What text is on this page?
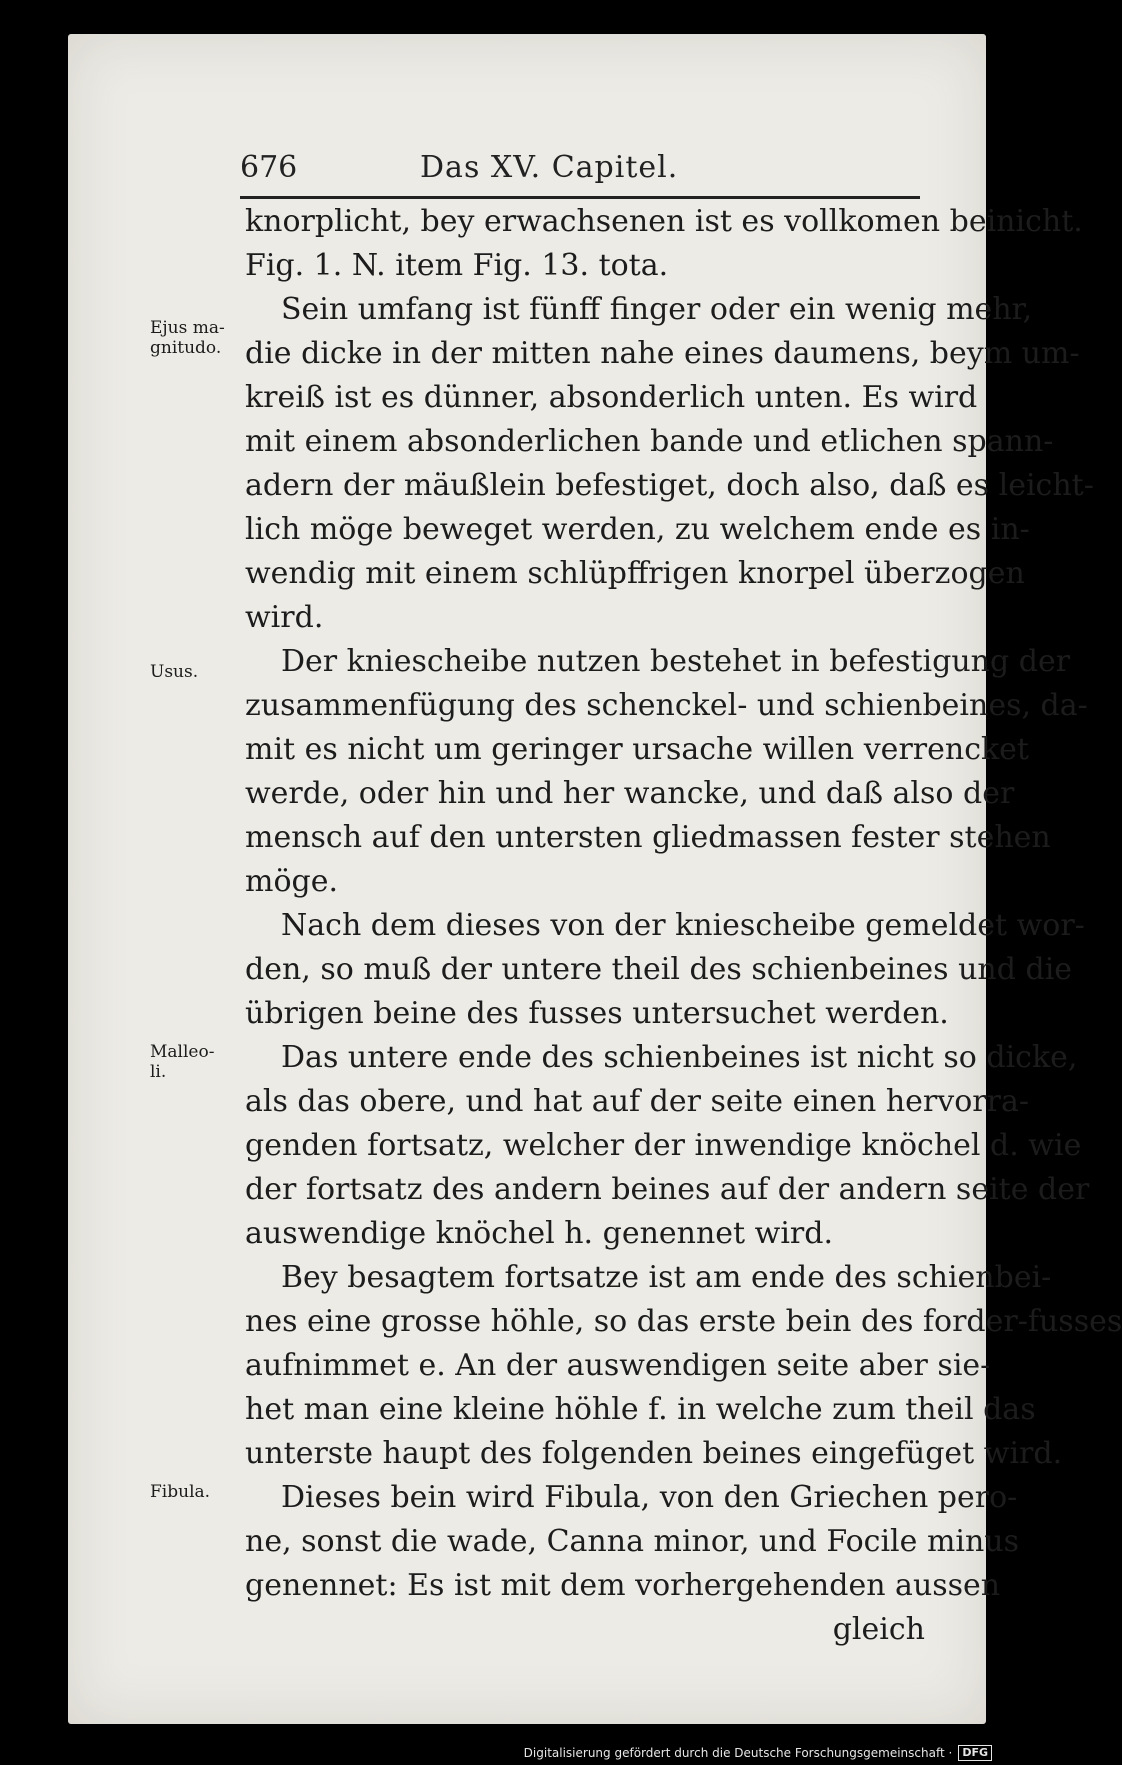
676	Das XV. Capitel.
knorplicht, bey erwachsenen ist es vollkomen beinicht.
Fig. 1. N. item Fig. 13. tota.
Sein umfang ist fünff finger oder ein wenig mehr,
die dicke in der mitten nahe eines daumens, beym um-
kreiß ist es dünner, absonderlich unten. Es wird
mit einem absonderlichen bande und etlichen spann-
adern der mäußlein befestiget, doch also, daß es leicht-
lich möge beweget werden, zu welchem ende es in-
wendig mit einem schlüpffrigen knorpel überzogen
wird.
Der kniescheibe nutzen bestehet in befestigung der
zusammenfügung des schenckel- und schienbeines, da-
mit es nicht um geringer ursache willen verrencket
werde, oder hin und her wancke, und daß also der
mensch auf den untersten gliedmassen fester stehen
möge.
Nach dem dieses von der kniescheibe gemeldet wor-
den, so muß der untere theil des schienbeines und die
übrigen beine des fusses untersuchet werden.
Das untere ende des schienbeines ist nicht so dicke,
als das obere, und hat auf der seite einen hervorra-
genden fortsatz, welcher der inwendige knöchel d. wie
der fortsatz des andern beines auf der andern seite der
auswendige knöchel h. genennet wird.
Bey besagtem fortsatze ist am ende des schienbei-
nes eine grosse höhle, so das erste bein des forder-fusses
aufnimmet e. An der auswendigen seite aber sie-
het man eine kleine höhle f. in welche zum theil das
unterste haupt des folgenden beines eingefüget wird.
Dieses bein wird Fibula, von den Griechen pero-
ne, sonst die wade, Canna minor, und Focile minus
genennet: Es ist mit dem vorhergehenden aussen
gleich
Ejus ma-
gnitudo.
Usus.
Malleo-
li.
Fibula.
Digitalisierung gefördert durch die Deutsche Forschungsgemeinschaft · DFG
